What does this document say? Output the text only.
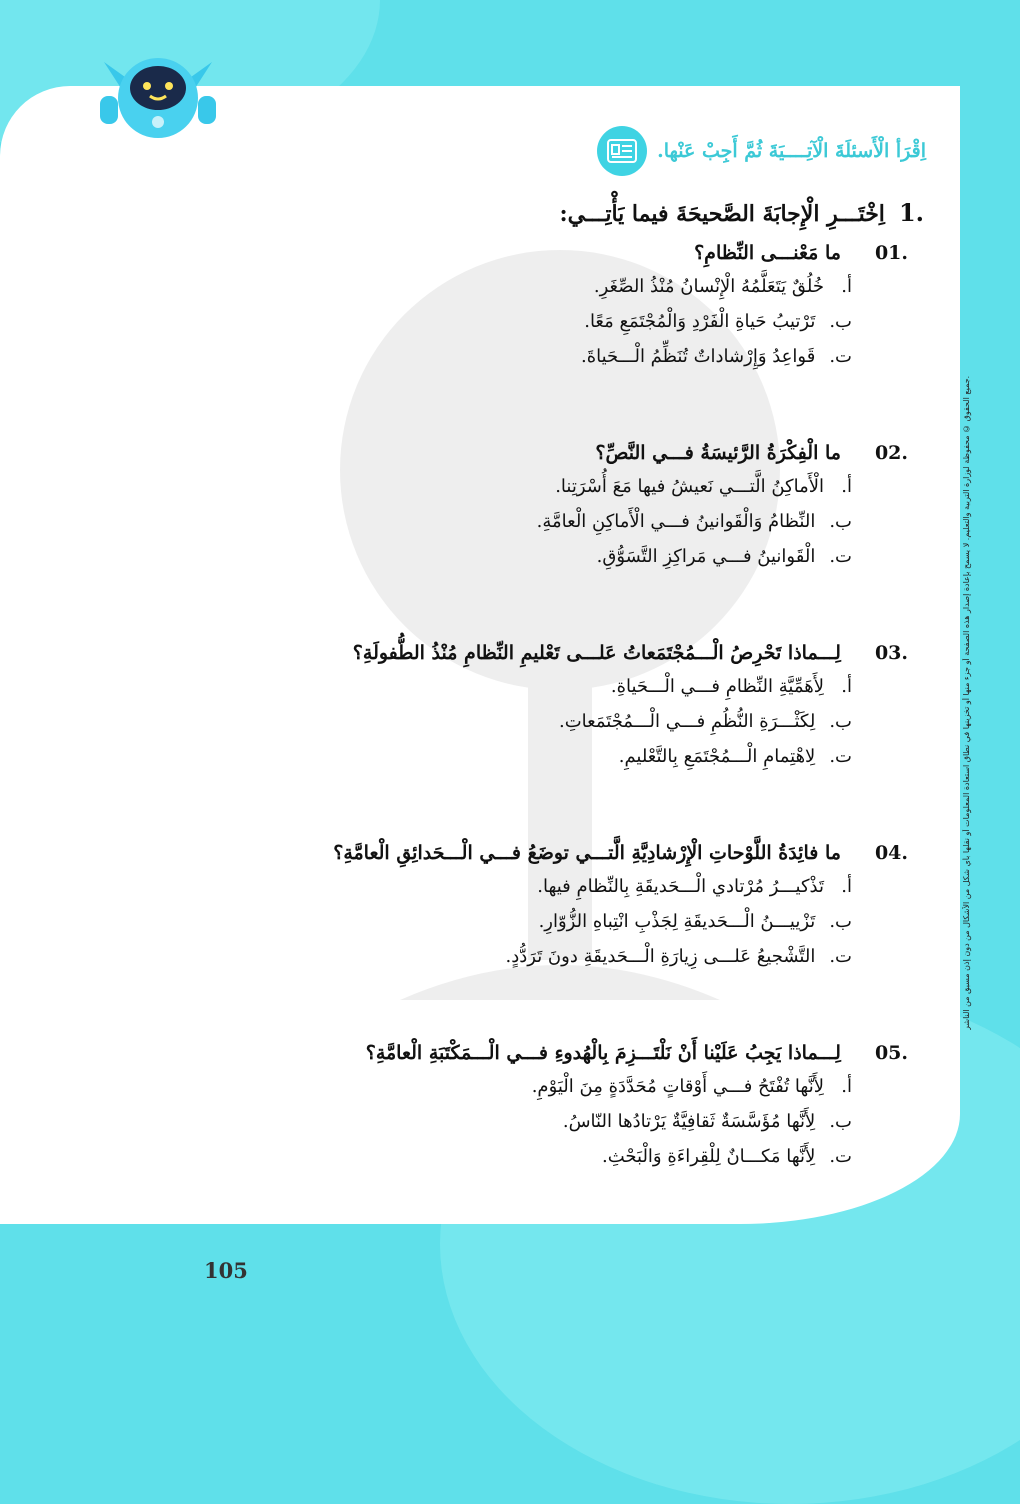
اِقْرَأ الْأَسئلَةَ الْآتِــــيَةَ ثُمَّ أَجِبْ عَنْها.
1.
اِخْتَـــرِ الْإِجابَةَ الصَّحيحَةَ فيما يَأْتِـــي:
01.
ما مَعْنـــى النِّظامِ؟
أ.
خُلُقٌ يَتَعَلَّمُهُ الْإِنْسانُ مُنْذُ الصِّغَرِ.
ب.
تَرْتيبُ حَياةِ الْفَرْدِ وَالْمُجْتَمَعِ مَعًا.
ت.
قَواعِدُ وَإِرْشاداتٌ تُنَظِّمُ الْـــحَياةَ.
02.
ما الْفِكْرَةُ الرَّئيسَةُ فـــي النَّصِّ؟
أ.
الْأَماكِنُ الَّتـــي نَعيشُ فيها مَعَ أُسْرَتِنا.
ب.
النِّظامُ وَالْقَوانينُ فـــي الْأَماكِنِ الْعامَّةِ.
ت.
الْقَوانينُ فـــي مَراكِزِ التَّسَوُّقِ.
03.
لِـــماذا تَحْرِصُ الْـــمُجْتَمَعاتُ عَلـــى تَعْليمِ النِّظامِ مُنْذُ الطُّفولَةِ؟
أ.
لِأَهَمِّيَّةِ النِّظامِ فـــي الْـــحَياةِ.
ب.
لِكَثْـــرَةِ النُّظُمِ فـــي الْـــمُجْتَمَعاتِ.
ت.
لِاهْتِمامِ الْـــمُجْتَمَعِ بِالتَّعْليمِ.
04.
ما فائِدَةُ اللَّوْحاتِ الْإِرْشادِيَّةِ الَّتـــي توضَعُ فـــي الْـــحَدائِقِ الْعامَّةِ؟
أ.
تَذْكيـــرُ مُرْتادي الْـــحَديقَةِ بِالنِّظامِ فيها.
ب.
تَزْييـــنُ الْـــحَديقَةِ لِجَذْبِ انْتِباهِ الزُّوّارِ.
ت.
التَّشْجيعُ عَلـــى زِيارَةِ الْـــحَديقَةِ دونَ تَرَدُّدٍ.
05.
لِـــماذا يَجِبُ عَلَيْنا أَنْ نَلْتَـــزِمَ بِالْهُدوءِ فـــي الْـــمَكْتَبَةِ الْعامَّةِ؟
أ.
لِأَنَّها تُفْتَحُ فـــي أَوْقاتٍ مُحَدَّدَةٍ مِنَ الْيَوْمِ.
ب.
لِأَنَّها مُؤَسَّسَةٌ ثَقافِيَّةٌ يَرْتادُها النّاسُ.
ت.
لِأَنَّها مَكـــانٌ لِلْقِراءَةِ وَالْبَحْثِ.
جميع الحقوق © محفوظة لوزارة التربية والتعليم. لا يسمح بإعادة إصدار هذه الصفحة أو جزء منها أو تخزينها في نطاق استعادة المعلومات أو نقلها بأي شكل من الأشكال من دون إذن مسبق من الناشر.
105
